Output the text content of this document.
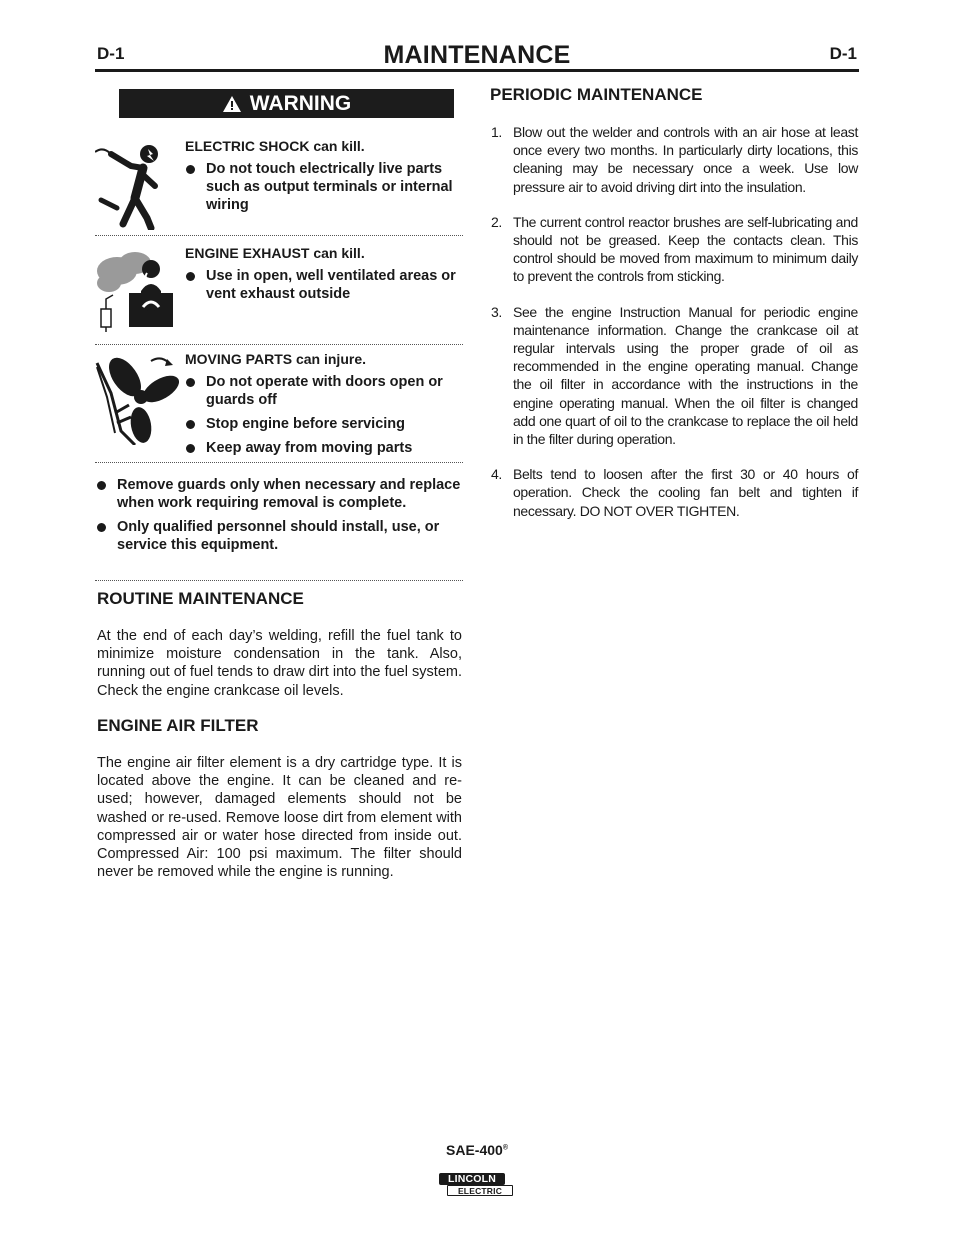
D-1	MAINTENANCE	D-1
WARNING
ELECTRIC SHOCK can kill.
Do not touch electrically live parts such as output terminals or internal wiring
ENGINE EXHAUST can kill.
Use in open, well ventilated areas or vent exhaust outside
MOVING PARTS can injure.
Do not operate with doors open or guards off
Stop engine before servicing
Keep away from moving parts
Remove guards only when necessary and replace when work requiring removal is complete.
Only qualified personnel should install, use, or service this equipment.
ROUTINE MAINTENANCE

At the end of each day’s welding, refill the fuel tank to minimize moisture condensation in the tank. Also, running out of fuel tends to draw dirt into the fuel system. Check the engine crankcase oil levels.

ENGINE AIR FILTER

The engine air filter element is a dry cartridge type. It is located above the engine. It can be cleaned and re-used; however, damaged elements should not be washed or re-used. Remove loose dirt from element with compressed air or water hose directed from inside out. Compressed Air: 100 psi maximum. The filter should never be removed while the engine is running.

PERIODIC MAINTENANCE
1. Blow out the welder and controls with an air hose at least once every two months. In particularly dirty locations, this cleaning may be necessary once a week. Use low pressure air to avoid driving dirt into the insulation.
2. The current control reactor brushes are self-lubricating and should not be greased. Keep the contacts clean. This control should be moved from maximum to minimum daily to prevent the controls from sticking.
3. See the engine Instruction Manual for periodic engine maintenance information. Change the crankcase oil at regular intervals using the proper grade of oil as recommended in the engine operating manual. Change the oil filter in accordance with the instructions in the engine operating manual. When the oil filter is changed add one quart of oil to the crankcase to replace the oil held in the filter during operation.
4. Belts tend to loosen after the first 30 or 40 hours of operation. Check the cooling fan belt and tighten if necessary. DO NOT OVER TIGHTEN.
SAE-400®
LINCOLN
ELECTRIC
